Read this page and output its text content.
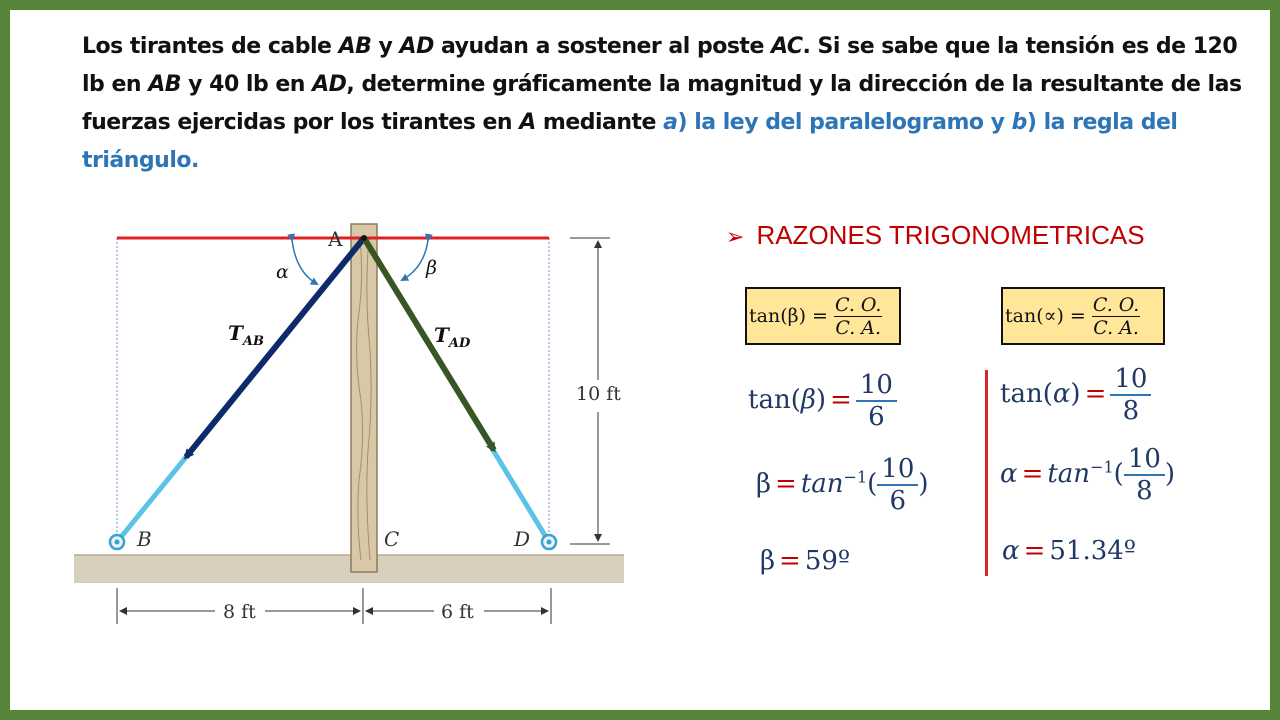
Los tirantes de cable AB y AD ayudan a sostener al poste AC. Si se sabe que la tensión es de 120 lb en AB y 40 lb en AD, determine gráficamente la magnitud y la dirección de la resultante de las fuerzas ejercidas por los tirantes en A mediante a) la ley del paralelogramo y b) la regla del triángulo.
A
B	C	D
α	β
$T_{AB}$	$T_{AD}$
10 ft
8 ft	6 ft
➢ RAZONES TRIGONOMETRICAS
$\tan(\beta) = \frac{C. O.}{C. A.}$	$\tan(\propto) = \frac{C. O.}{C. A.}$
$\tan(\beta) = \frac{10}{6}$
$\beta = \tan^{-1}( \frac{10}{6}$ )
β = 59º
$\tan(\alpha) = \frac{10}{8}$
$\alpha = \tan^{-1}( \frac{10}{8}$ )
α = 51.34º
